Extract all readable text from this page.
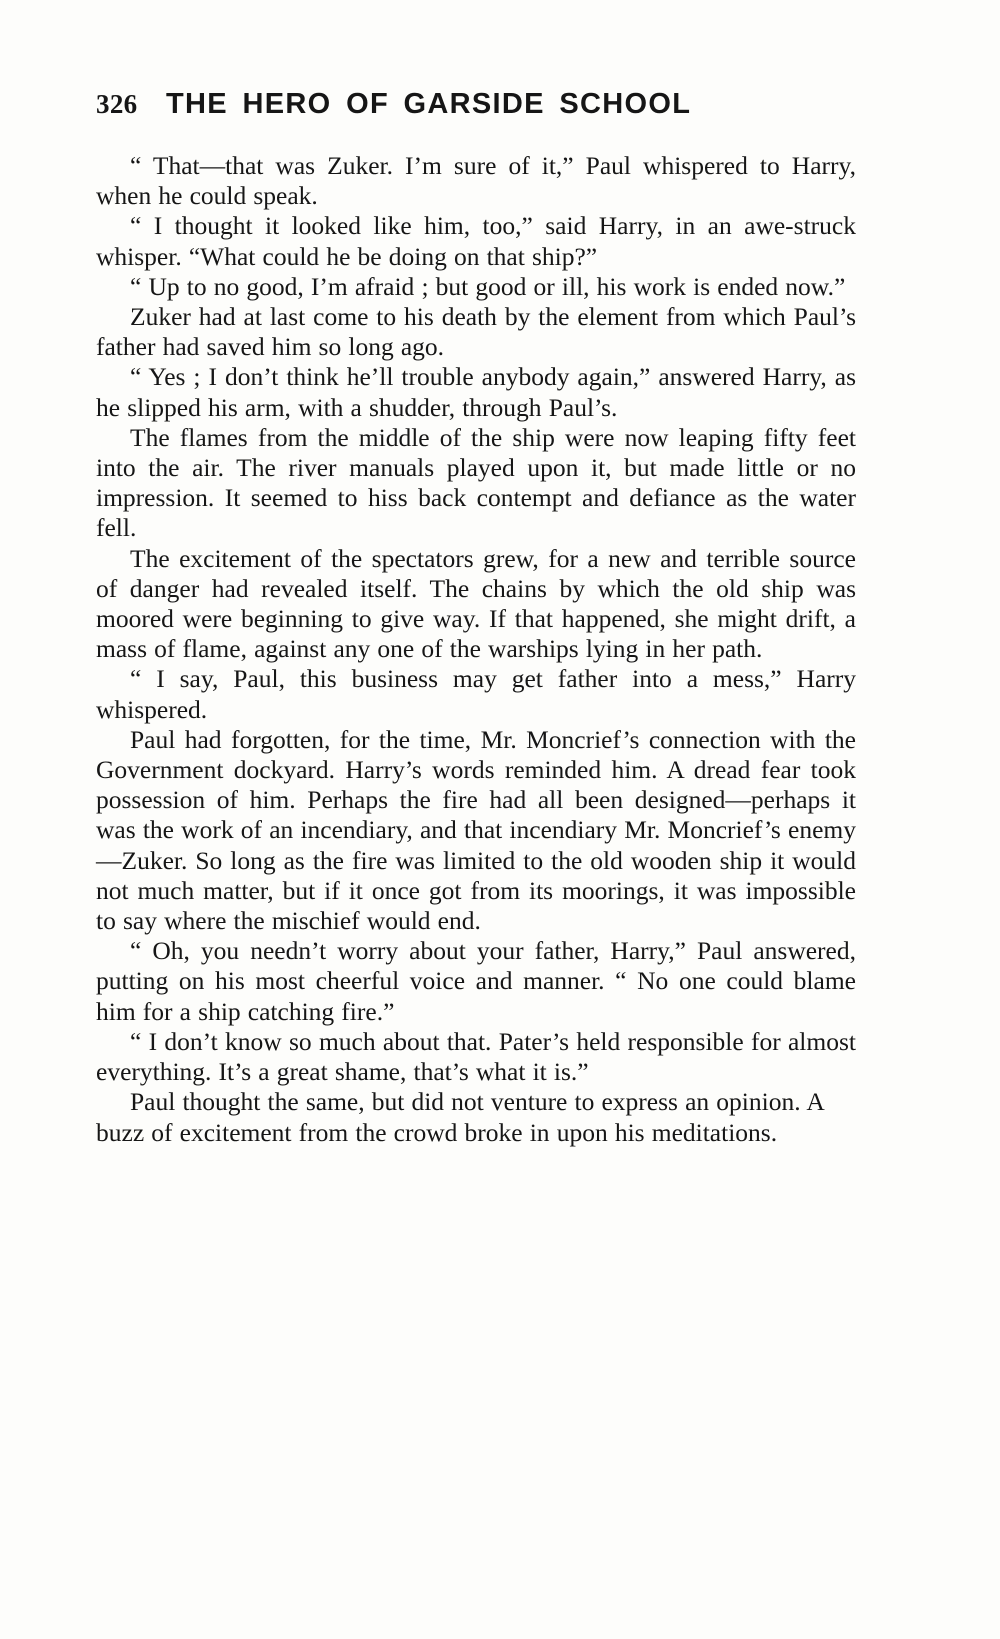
326 THE HERO OF GARSIDE SCHOOL

“ That—that was Zuker. I’m sure of it,” Paul whispered to Harry, when he could speak.

“ I thought it looked like him, too,” said Harry, in an awe-struck whisper. “What could he be doing on that ship?”

“ Up to no good, I’m afraid ; but good or ill, his work is ended now.”

Zuker had at last come to his death by the element from which Paul’s father had saved him so long ago.

“ Yes ; I don’t think he’ll trouble anybody again,” answered Harry, as he slipped his arm, with a shudder, through Paul’s.

The flames from the middle of the ship were now leaping fifty feet into the air. The river manuals played upon it, but made little or no impression. It seemed to hiss back contempt and defiance as the water fell.

The excitement of the spectators grew, for a new and terrible source of danger had revealed itself. The chains by which the old ship was moored were beginning to give way. If that happened, she might drift, a mass of flame, against any one of the warships lying in her path.

“ I say, Paul, this business may get father into a mess,” Harry whispered.

Paul had forgotten, for the time, Mr. Moncrief’s connection with the Government dockyard. Harry’s words reminded him. A dread fear took possession of him. Perhaps the fire had all been designed—perhaps it was the work of an incendiary, and that incendiary Mr. Moncrief’s enemy—Zuker. So long as the fire was limited to the old wooden ship it would not much matter, but if it once got from its moorings, it was impossible to say where the mischief would end.

“ Oh, you needn’t worry about your father, Harry,” Paul answered, putting on his most cheerful voice and manner. “ No one could blame him for a ship catching fire.”

“ I don’t know so much about that. Pater’s held responsible for almost everything. It’s a great shame, that’s what it is.”

Paul thought the same, but did not venture to express an opinion. A buzz of excitement from the crowd broke in upon his meditations.
